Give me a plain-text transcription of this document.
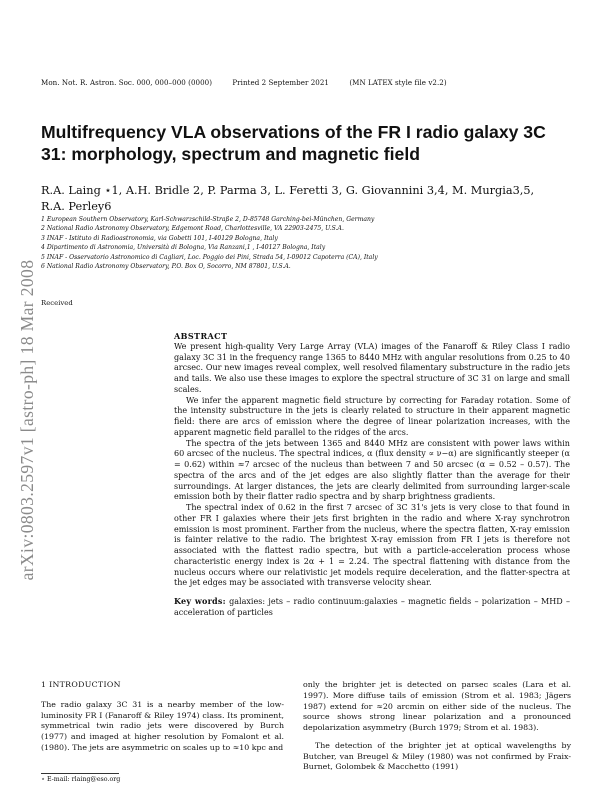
Mon. Not. R. Astron. Soc. 000, 000–000 (0000)	Printed 2 September 2021	(MN LATEX style file v2.2)
arXiv:0803.2597v1 [astro-ph] 18 Mar 2008
Multifrequency VLA observations of the FR I radio galaxy 3C 31: morphology, spectrum and magnetic field

R.A. Laing ⋆1, A.H. Bridle 2, P. Parma 3, L. Feretti 3, G. Giovannini 3,4, M. Murgia3,5, R.A. Perley6

1 European Southern Observatory, Karl-Schwarzschild-Straße 2, D-85748 Garching-bei-München, Germany
2 National Radio Astronomy Observatory, Edgemont Road, Charlottesville, VA 22903-2475, U.S.A.
3 INAF - Istituto di Radioastronomia, via Gobetti 101, I-40129 Bologna, Italy
4 Dipartimento di Astronomia, Università di Bologna, Via Ranzani,1 , I-40127 Bologna, Italy
5 INAF - Osservatorio Astronomico di Cagliari, Loc. Poggio dei Pini, Strada 54, I-09012 Capoterra (CA), Italy
6 National Radio Astronomy Observatory, P.O. Box O, Socorro, NM 87801, U.S.A.
Received
ABSTRACT

We present high-quality Very Large Array (VLA) images of the Fanaroff & Riley Class I radio galaxy 3C 31 in the frequency range 1365 to 8440 MHz with angular resolutions from 0.25 to 40 arcsec. Our new images reveal complex, well resolved filamentary substructure in the radio jets and tails. We also use these images to explore the spectral structure of 3C 31 on large and small scales.

We infer the apparent magnetic field structure by correcting for Faraday rotation. Some of the intensity substructure in the jets is clearly related to structure in their apparent magnetic field: there are arcs of emission where the degree of linear polarization increases, with the apparent magnetic field parallel to the ridges of the arcs.

The spectra of the jets between 1365 and 8440 MHz are consistent with power laws within 60 arcsec of the nucleus. The spectral indices, α (flux density ∝ ν−α) are significantly steeper (α = 0.62) within ≈7 arcsec of the nucleus than between 7 and 50 arcsec (α = 0.52 – 0.57). The spectra of the arcs and of the jet edges are also slightly flatter than the average for their surroundings. At larger distances, the jets are clearly delimited from surrounding larger-scale emission both by their flatter radio spectra and by sharp brightness gradients.

The spectral index of 0.62 in the first 7 arcsec of 3C 31's jets is very close to that found in other FR I galaxies where their jets first brighten in the radio and where X-ray synchrotron emission is most prominent. Farther from the nucleus, where the spectra flatten, X-ray emission is fainter relative to the radio. The brightest X-ray emission from FR I jets is therefore not associated with the flattest radio spectra, but with a particle-acceleration process whose characteristic energy index is 2α + 1 = 2.24. The spectral flattening with distance from the nucleus occurs where our relativistic jet models require deceleration, and the flatter-spectra at the jet edges may be associated with transverse velocity shear.

Key words: galaxies: jets – radio continuum:galaxies – magnetic fields – polarization – MHD – acceleration of particles

1 INTRODUCTION

The radio galaxy 3C 31 is a nearby member of the low-luminosity FR I (Fanaroff & Riley 1974) class. Its prominent, symmetrical twin radio jets were discovered by Burch (1977) and imaged at higher resolution by Fomalont et al. (1980). The jets are asymmetric on scales up to ≈10 kpc and

only the brighter jet is detected on parsec scales (Lara et al. 1997). More diffuse tails of emission (Strom et al. 1983; Jägers 1987) extend for ≈20 arcmin on either side of the nucleus. The source shows strong linear polarization and a pronounced depolarization asymmetry (Burch 1979; Strom et al. 1983).

The detection of the brighter jet at optical wavelengths by Butcher, van Breugel & Miley (1980) was not confirmed by Fraix-Burnet, Golombek & Macchetto (1991)

⋆ E-mail: rlaing@eso.org
